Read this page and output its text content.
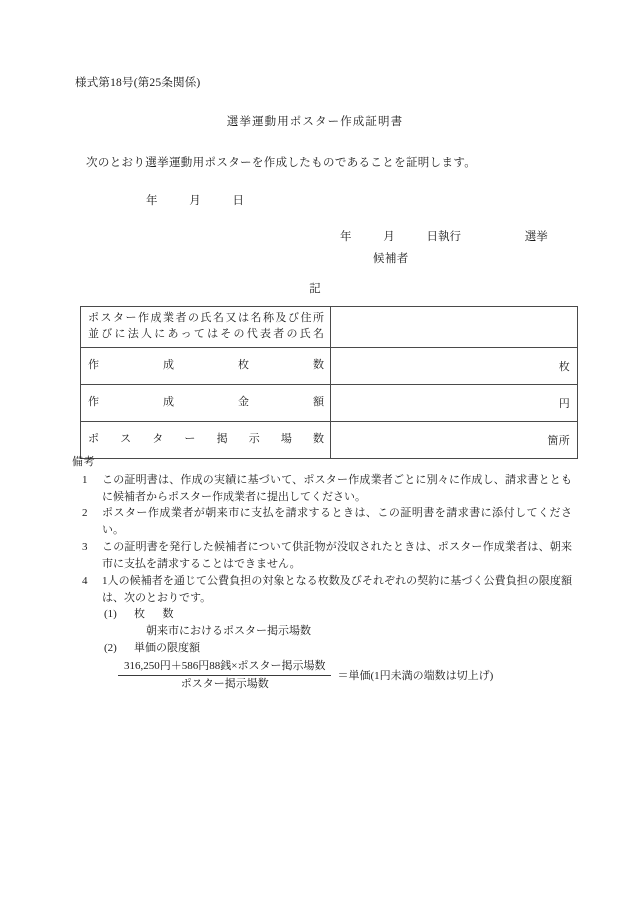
様式第18号(第25条関係)
選挙運動用ポスター作成証明書
次のとおり選挙運動用ポスターを作成したものであることを証明します。
年	月	日
年	月	日執行	選挙
候補者
記
ポスター作成業者の氏名又は名称及び住所
並びに法人にあってはその代表者の氏名	

作成枚数	枚

作成金額	円

ポスター掲示場数	箇所
備考
1	この証明書は、作成の実績に基づいて、ポスター作成業者ごとに別々に作成し、請求書とともに候補者からポスター作成業者に提出してください。
2	ポスター作成業者が朝来市に支払を請求するときは、この証明書を請求書に添付してください。
3	この証明書を発行した候補者について供託物が没収されたときは、ポスター作成業者は、朝来市に支払を請求することはできません。
4	1人の候補者を通じて公費負担の対象となる枚数及びそれぞれの契約に基づく公費負担の限度額は、次のとおりです。
(1)	枚 数
朝来市におけるポスター掲示場数
(2)	単価の限度額
$\frac{\text{316,250円＋586円88銭×ポスター掲示場数}}{\text{ポスター掲示場数}}$ ＝単価(1円未満の端数は切上げ)
